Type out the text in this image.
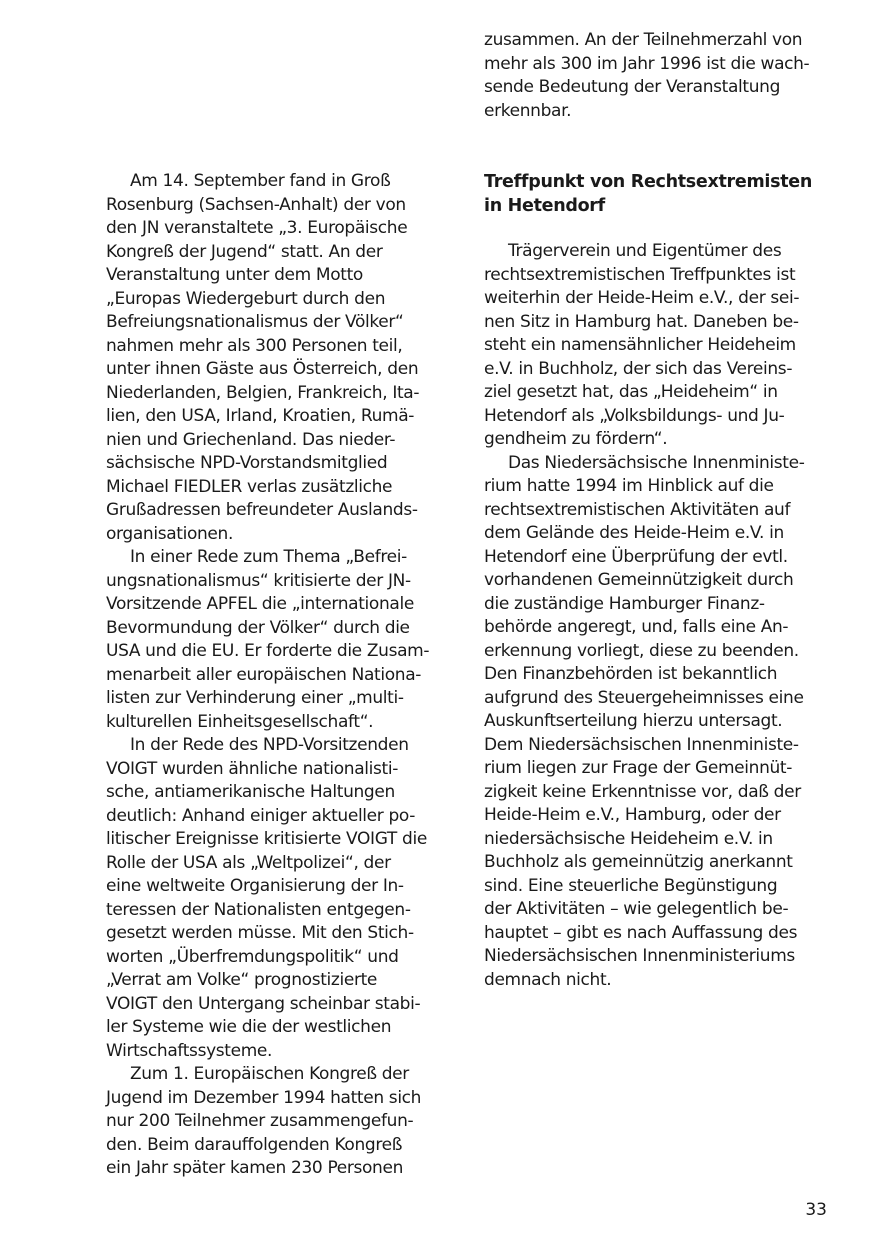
zusammen. An der Teilnehmerzahl von
mehr als 300 im Jahr 1996 ist die wach-
sende Bedeutung der Veranstaltung
erkennbar.
Am 14. September fand in Groß
Rosenburg (Sachsen-Anhalt) der von
den JN veranstaltete „3. Europäische
Kongreß der Jugend“ statt. An der
Veranstaltung unter dem Motto
„Europas Wiedergeburt durch den
Befreiungsnationalismus der Völker“
nahmen mehr als 300 Personen teil,
unter ihnen Gäste aus Österreich, den
Niederlanden, Belgien, Frankreich, Ita-
lien, den USA, Irland, Kroatien, Rumä-
nien und Griechenland. Das nieder-
sächsische NPD-Vorstandsmitglied
Michael FIEDLER verlas zusätzliche
Grußadressen befreundeter Auslands-
organisationen.
In einer Rede zum Thema „Befrei-
ungsnationalismus“ kritisierte der JN-
Vorsitzende APFEL die „internationale
Bevormundung der Völker“ durch die
USA und die EU. Er forderte die Zusam-
menarbeit aller europäischen Nationa-
listen zur Verhinderung einer „multi-
kulturellen Einheitsgesellschaft“.
In der Rede des NPD-Vorsitzenden
VOIGT wurden ähnliche nationalisti-
sche, antiamerikanische Haltungen
deutlich: Anhand einiger aktueller po-
litischer Ereignisse kritisierte VOIGT die
Rolle der USA als „Weltpolizei“, der
eine weltweite Organisierung der In-
teressen der Nationalisten entgegen-
gesetzt werden müsse. Mit den Stich-
worten „Überfremdungspolitik“ und
„Verrat am Volke“ prognostizierte
VOIGT den Untergang scheinbar stabi-
ler Systeme wie die der westlichen
Wirtschaftssysteme.
Zum 1. Europäischen Kongreß der
Jugend im Dezember 1994 hatten sich
nur 200 Teilnehmer zusammengefun-
den. Beim darauffolgenden Kongreß
ein Jahr später kamen 230 Personen
Treffpunkt von Rechtsextremisten
in Hetendorf
Trägerverein und Eigentümer des
rechtsextremistischen Treffpunktes ist
weiterhin der Heide-Heim e.V., der sei-
nen Sitz in Hamburg hat. Daneben be-
steht ein namensähnlicher Heideheim
e.V. in Buchholz, der sich das Vereins-
ziel gesetzt hat, das „Heideheim“ in
Hetendorf als „Volksbildungs- und Ju-
gendheim zu fördern“.
Das Niedersächsische Innenministe-
rium hatte 1994 im Hinblick auf die
rechtsextremistischen Aktivitäten auf
dem Gelände des Heide-Heim e.V. in
Hetendorf eine Überprüfung der evtl.
vorhandenen Gemeinnützigkeit durch
die zuständige Hamburger Finanz-
behörde angeregt, und, falls eine An-
erkennung vorliegt, diese zu beenden.
Den Finanzbehörden ist bekanntlich
aufgrund des Steuergeheimnisses eine
Auskunftserteilung hierzu untersagt.
Dem Niedersächsischen Innenministe-
rium liegen zur Frage der Gemeinnüt-
zigkeit keine Erkenntnisse vor, daß der
Heide-Heim e.V., Hamburg, oder der
niedersächsische Heideheim e.V. in
Buchholz als gemeinnützig anerkannt
sind. Eine steuerliche Begünstigung
der Aktivitäten – wie gelegentlich be-
hauptet – gibt es nach Auffassung des
Niedersächsischen Innenministeriums
demnach nicht.
33
